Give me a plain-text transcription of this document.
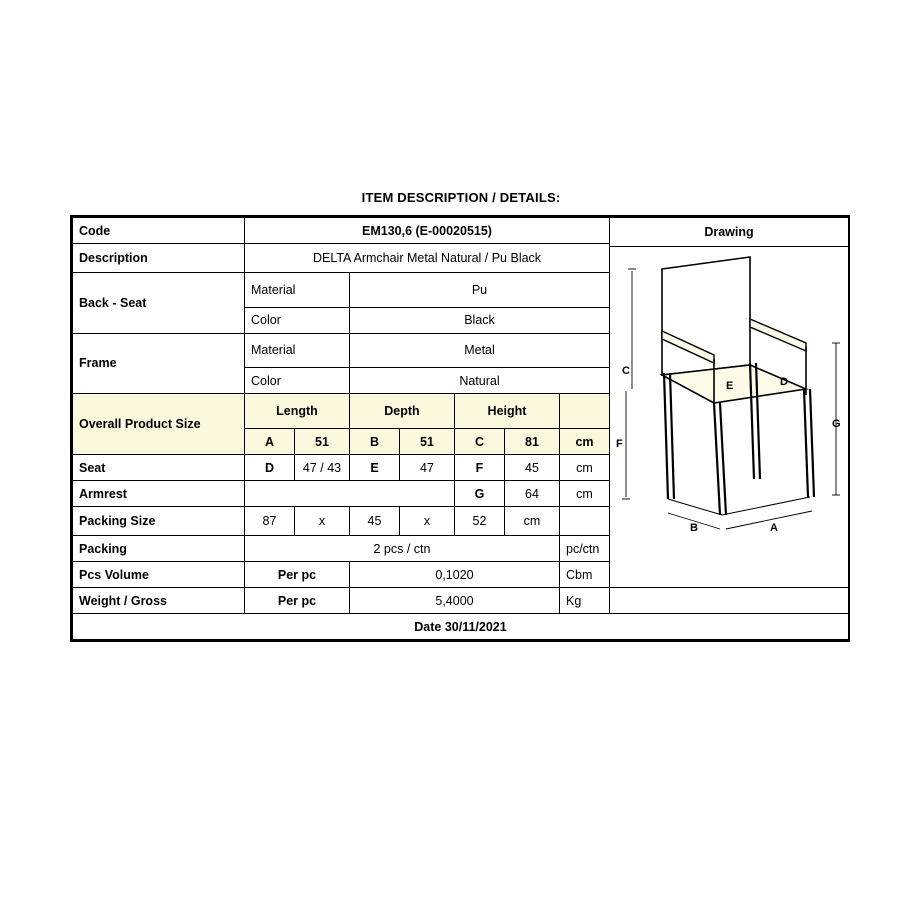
ITEM DESCRIPTION / DETAILS:
Code	EM130,6 (E-00020515)	Drawing
C
F
G
B	A
E	D

Description	DELTA Armchair Metal Natural / Pu Black							
Back - Seat	Material		Pu					
	Color		Black					
Frame	Material		Metal					
	Color		Natural					
Overall Product Size	Length		Depth		Height			
	A	51	B	51	C	81	cm	
Seat	D	47 / 43	E	47	F	45	cm	
Armrest					G	64	cm	
Packing Size	87	x	45	x	52	cm		
Packing	2 pcs / ctn						pc/ctn	
Pcs Volume	Per pc		0,1020				Cbm	
Weight / Gross	Per pc		5,4000				Kg	
Date 30/11/2021								
